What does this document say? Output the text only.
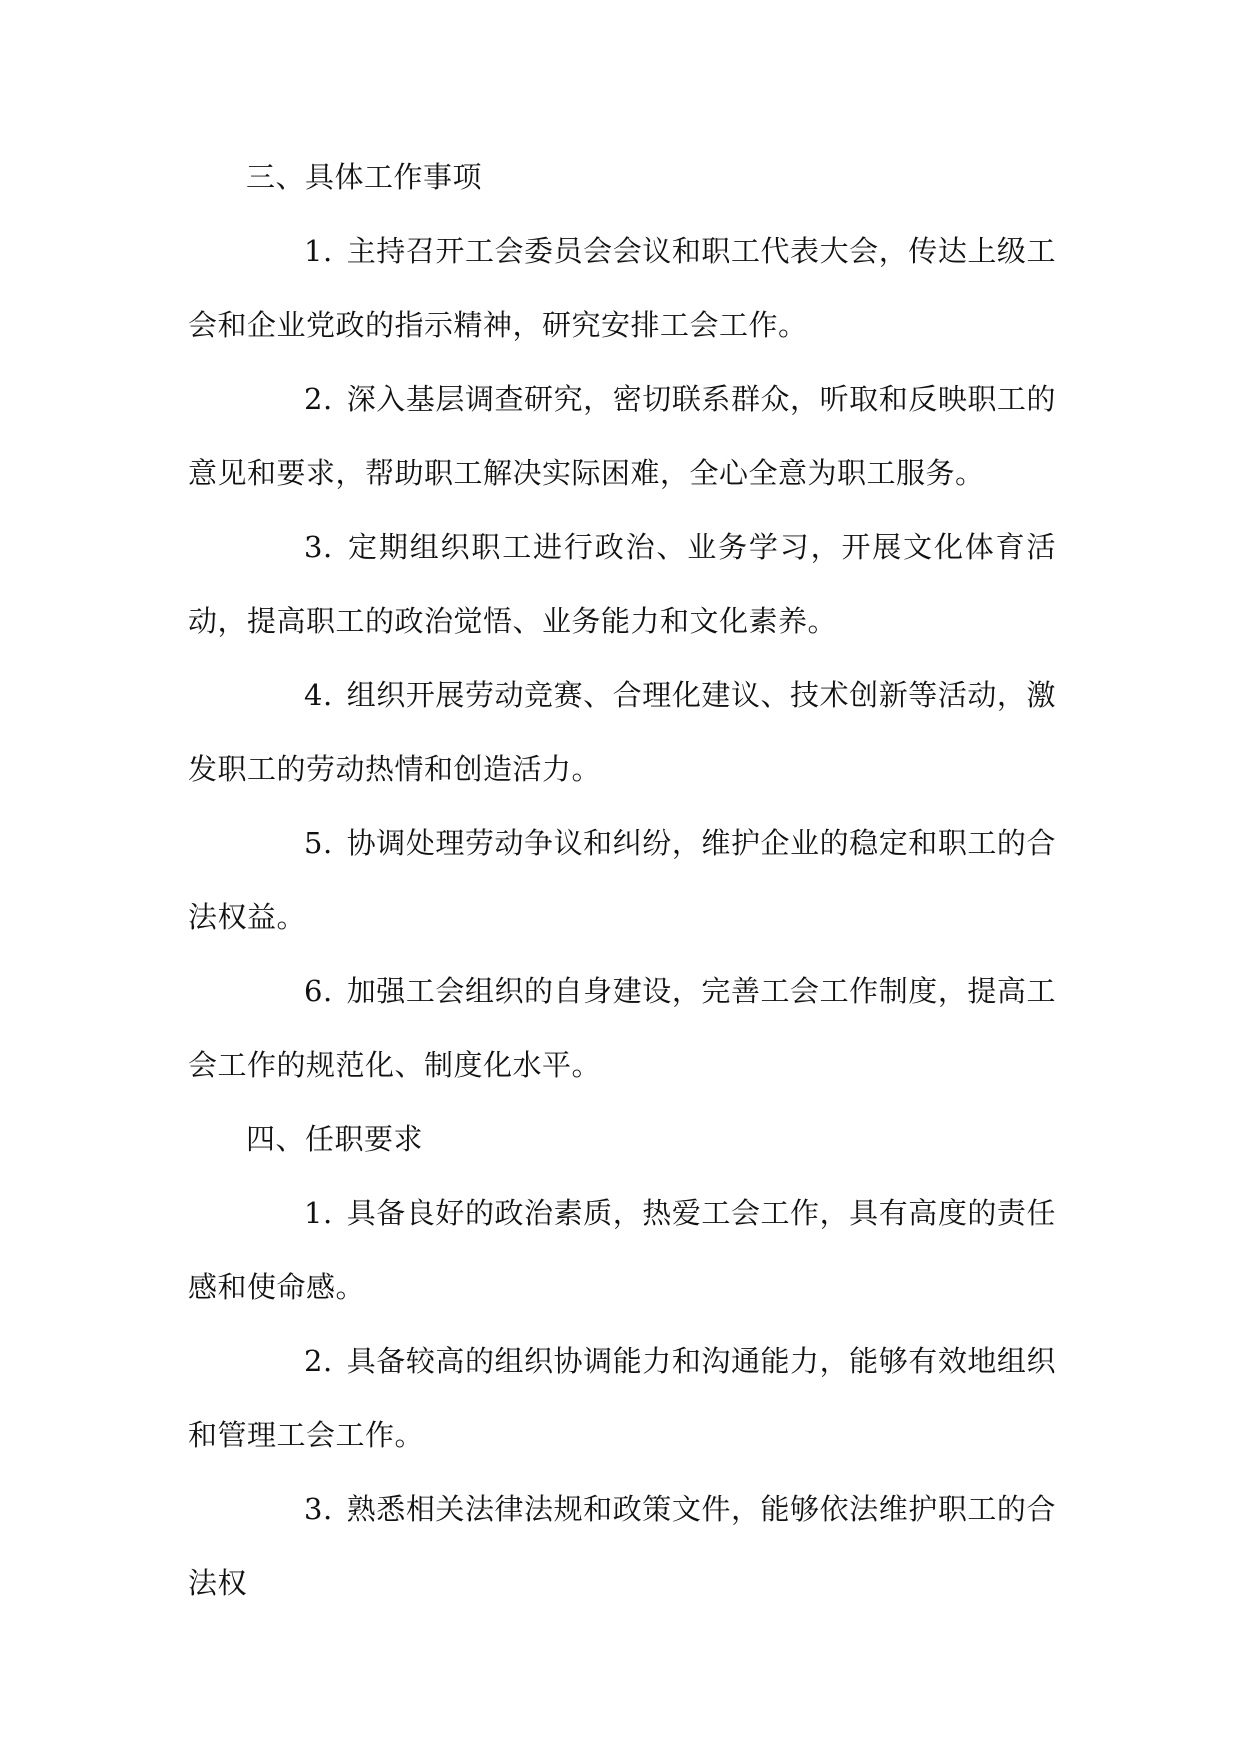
三、具体工作事项

1. 主持召开工会委员会会议和职工代表大会，传达上级工会和企业党政的指示精神，研究安排工会工作。

2. 深入基层调查研究，密切联系群众，听取和反映职工的意见和要求，帮助职工解决实际困难，全心全意为职工服务。

3. 定期组织职工进行政治、业务学习，开展文化体育活动，提高职工的政治觉悟、业务能力和文化素养。

4. 组织开展劳动竞赛、合理化建议、技术创新等活动，激发职工的劳动热情和创造活力。

5. 协调处理劳动争议和纠纷，维护企业的稳定和职工的合法权益。

6. 加强工会组织的自身建设，完善工会工作制度，提高工会工作的规范化、制度化水平。

四、任职要求

1. 具备良好的政治素质，热爱工会工作，具有高度的责任感和使命感。

2. 具备较高的组织协调能力和沟通能力，能够有效地组织和管理工会工作。

3. 熟悉相关法律法规和政策文件，能够依法维护职工的合法权
